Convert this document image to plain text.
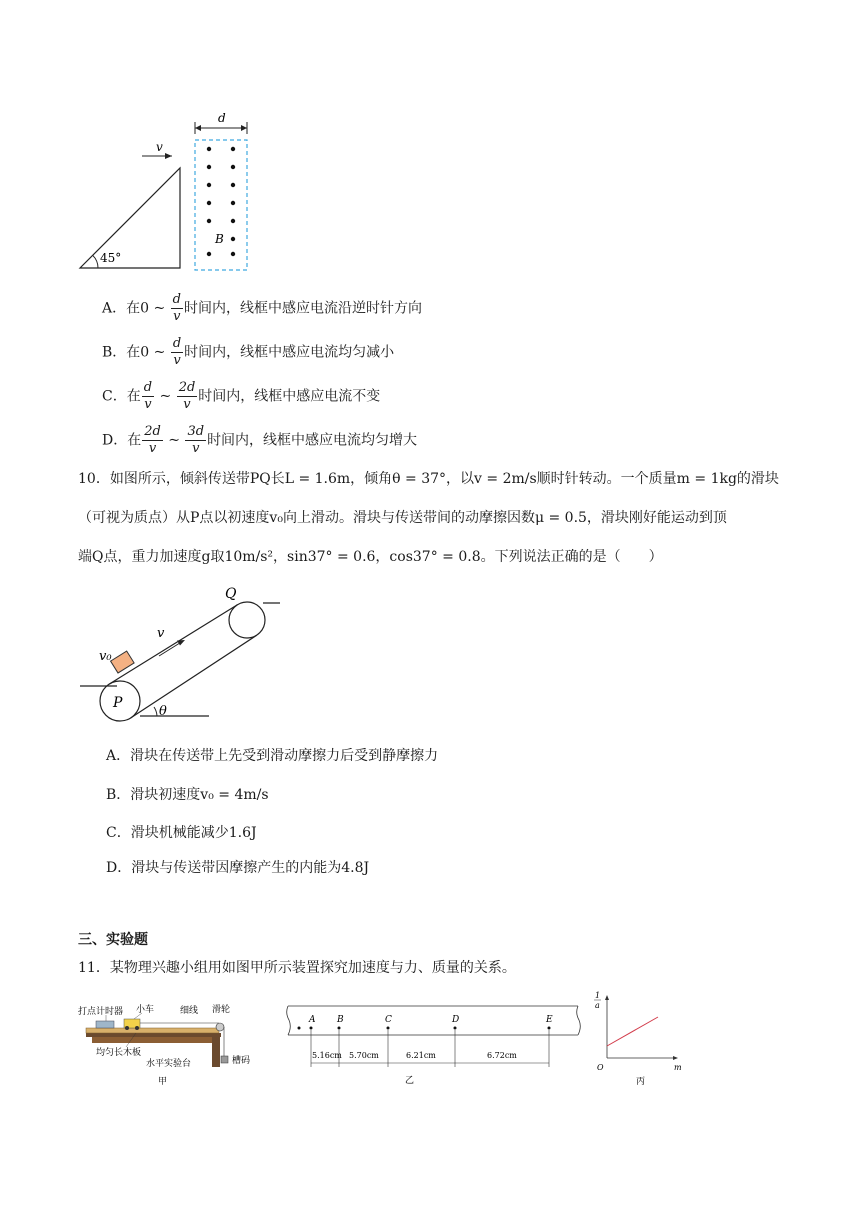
45°
v
d
B
A．在0 ~ $\frac{d}{v}$ 时间内，线框中感应电流沿逆时针方向
B．在0 ~ $\frac{d}{v}$ 时间内，线框中感应电流均匀减小
C．在 $\frac{d}{v}$ ~ $\frac{2d}{v}$ 时间内，线框中感应电流不变
D．在 $\frac{2d}{v}$ ~ $\frac{3d}{v}$ 时间内，线框中感应电流均匀增大
10．如图所示，倾斜传送带PQ长L = 1.6m，倾角θ = 37°，以v = 2m/s顺时针转动。一个质量m = 1kg的滑块
（可视为质点）从P点以初速度v₀向上滑动。滑块与传送带间的动摩擦因数μ = 0.5，滑块刚好能运动到顶
端Q点，重力加速度g取10m/s²，sin37° = 0.6，cos37° = 0.8。下列说法正确的是（　　）
P
Q
θ
v₀
v
A．滑块在传送带上先受到滑动摩擦力后受到静摩擦力
B．滑块初速度v₀ = 4m/s
C．滑块机械能减少1.6J
D．滑块与传送带因摩擦产生的内能为4.8J
三、实验题
11．某物理兴趣小组用如图甲所示装置探究加速度与力、质量的关系。
打点计时器 小车	细线 滑轮
均匀长木板
水平实验台	槽码
甲
A B	C	D	E
5.16cm 5.70cm	6.21cm	6.72cm
乙
1
a
m
O
丙
